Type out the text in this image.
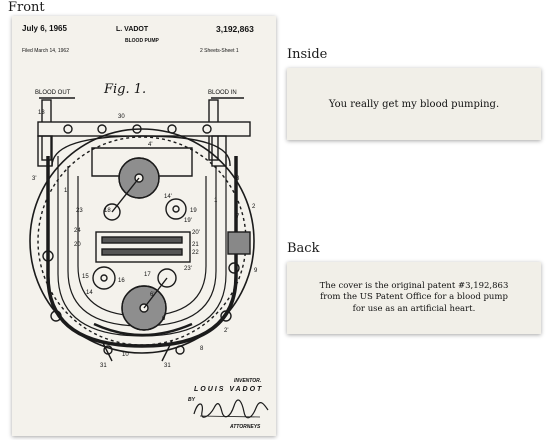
Front
Inside
Back
July 6, 1965	L. VADOT	3,192,863
BLOOD PUMP
Filed March 14, 1962	2 Sheets-Sheet 1
Fig. 1.
BLOOD OUT	BLOOD IN
13
30
4'
14'
1
1'
3'	3
2
7
19
19'
20'
21
22
23
23'
24
20
9
15
16
17
18
14
6
6'
2'
8
31	31
10
INVENTOR.
LOUIS VADOT
BY
ATTORNEYS
You really get my blood pumping.
The cover is the original patent #3,192,863 from the US Patent Office for a blood pump for use as an artificial heart.
